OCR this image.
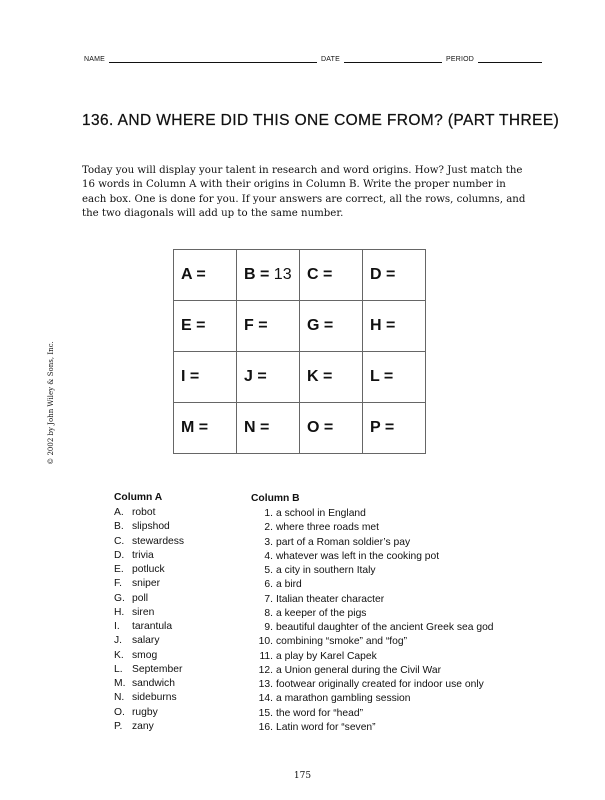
NAME	DATE	PERIOD
136. AND WHERE DID THIS ONE COME FROM? (PART THREE)
Today you will display your talent in research and word origins. How? Just match the 16 words in Column A with their origins in Column B. Write the proper number in each box. One is done for you. If your answers are correct, all the rows, columns, and the two diagonals will add up to the same number.
A =	B = 13	C =	D =
E =	F =	G =	H =
I =	J =	K =	L =
M =	N =	O =	P =
© 2002 by John Wiley & Sons, Inc.
Column A
A. robot
B. slipshod
C. stewardess
D. trivia
E. potluck
F. sniper
G. poll
H. siren
I.	tarantula
J. salary
K. smog
L. September
M. sandwich
N. sideburns
O. rugby
P. zany
Column B
1. a school in England
2. where three roads met
3. part of a Roman soldier’s pay
4. whatever was left in the cooking pot
5. a city in southern Italy
6. a bird
7. Italian theater character
8. a keeper of the pigs
9. beautiful daughter of the ancient Greek sea god
10. combining “smoke” and “fog”
11. a play by Karel Capek
12. a Union general during the Civil War
13. footwear originally created for indoor use only
14. a marathon gambling session
15. the word for “head”
16. Latin word for “seven”
175
